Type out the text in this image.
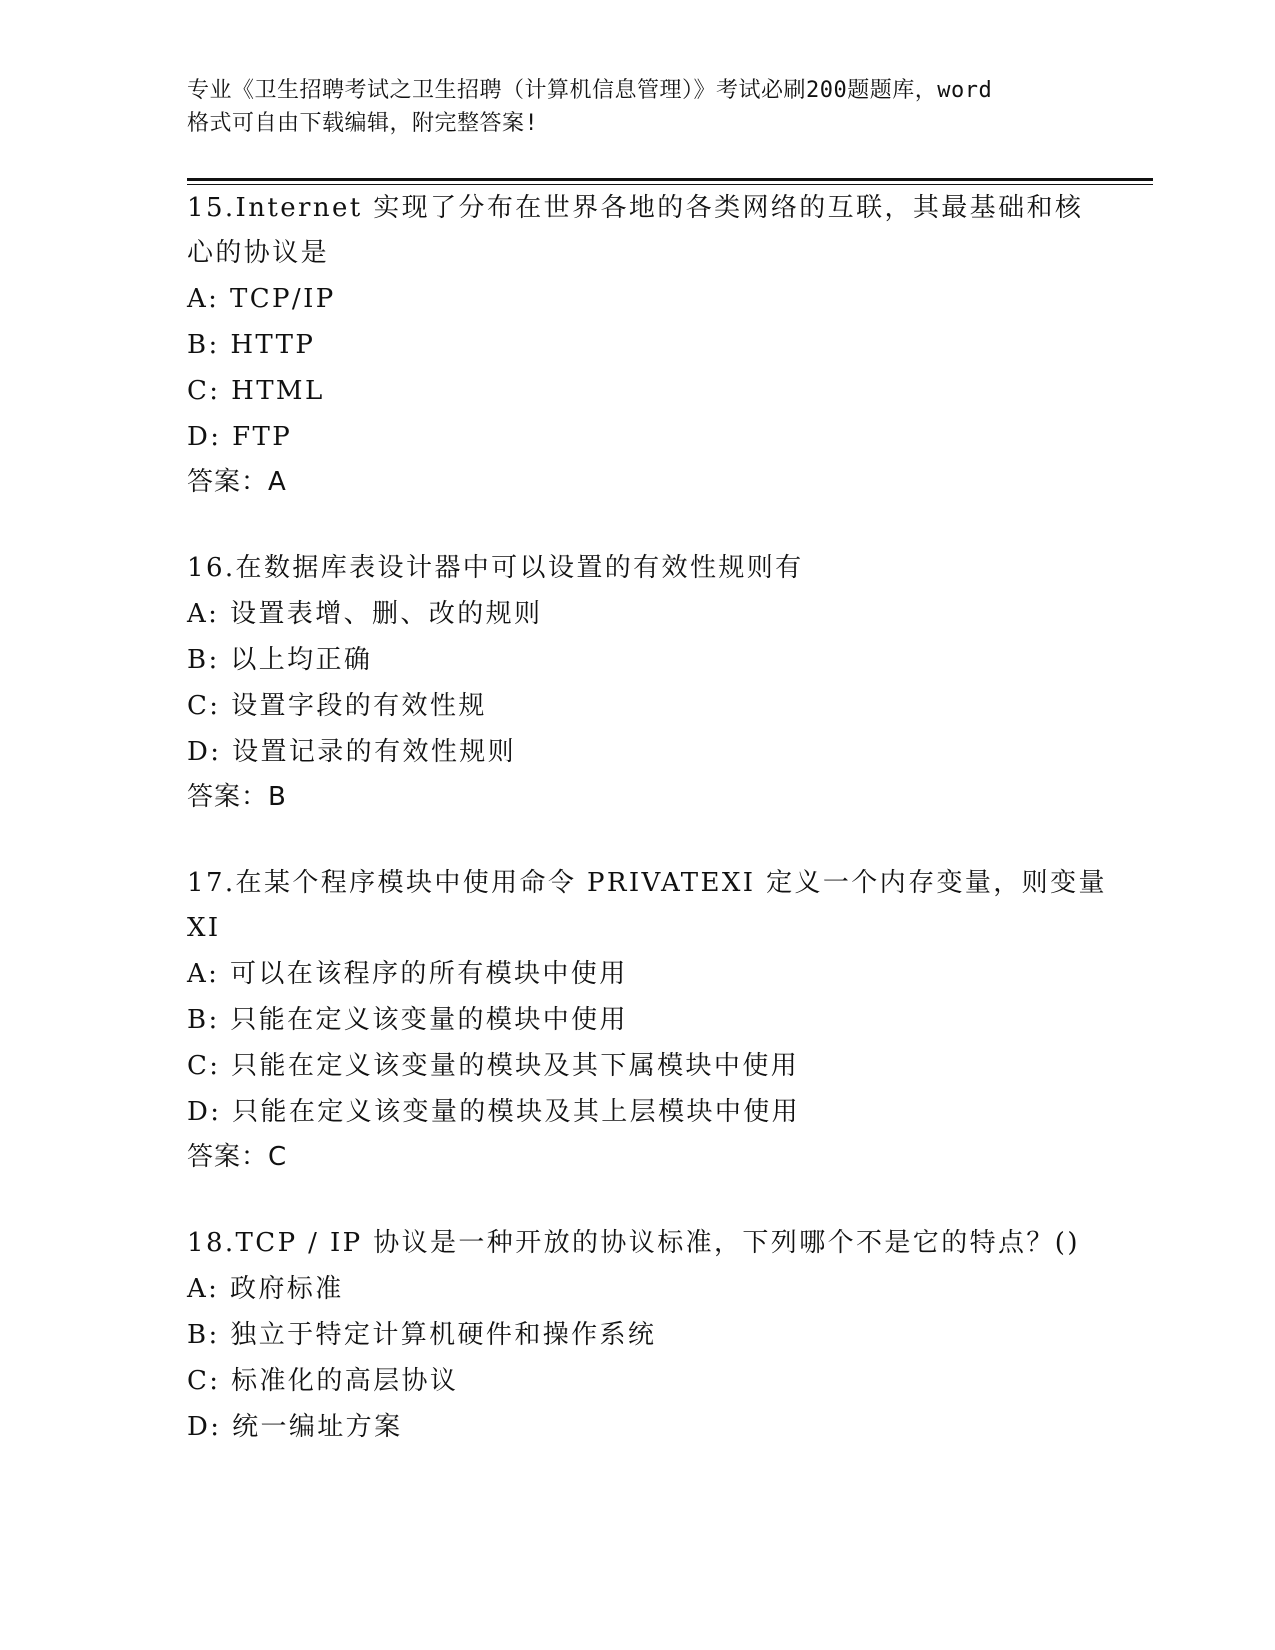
专业《卫生招聘考试之卫生招聘（计算机信息管理）》考试必刷200题题库，word
格式可自由下载编辑，附完整答案!

15.Internet 实现了分布在世界各地的各类网络的互联，其最基础和核心的协议是

A: TCP/IP

B: HTTP

C: HTML

D: FTP

答案：A

16.在数据库表设计器中可以设置的有效性规则有

A: 设置表增、删、改的规则

B: 以上均正确

C: 设置字段的有效性规

D: 设置记录的有效性规则

答案：B

17.在某个程序模块中使用命令 PRIVATEXI 定义一个内存变量，则变量XI

A: 可以在该程序的所有模块中使用

B: 只能在定义该变量的模块中使用

C: 只能在定义该变量的模块及其下属模块中使用

D: 只能在定义该变量的模块及其上层模块中使用

答案：C

18.TCP / IP 协议是一种开放的协议标准，下列哪个不是它的特点？()

A: 政府标准

B: 独立于特定计算机硬件和操作系统

C: 标准化的高层协议

D: 统一编址方案
